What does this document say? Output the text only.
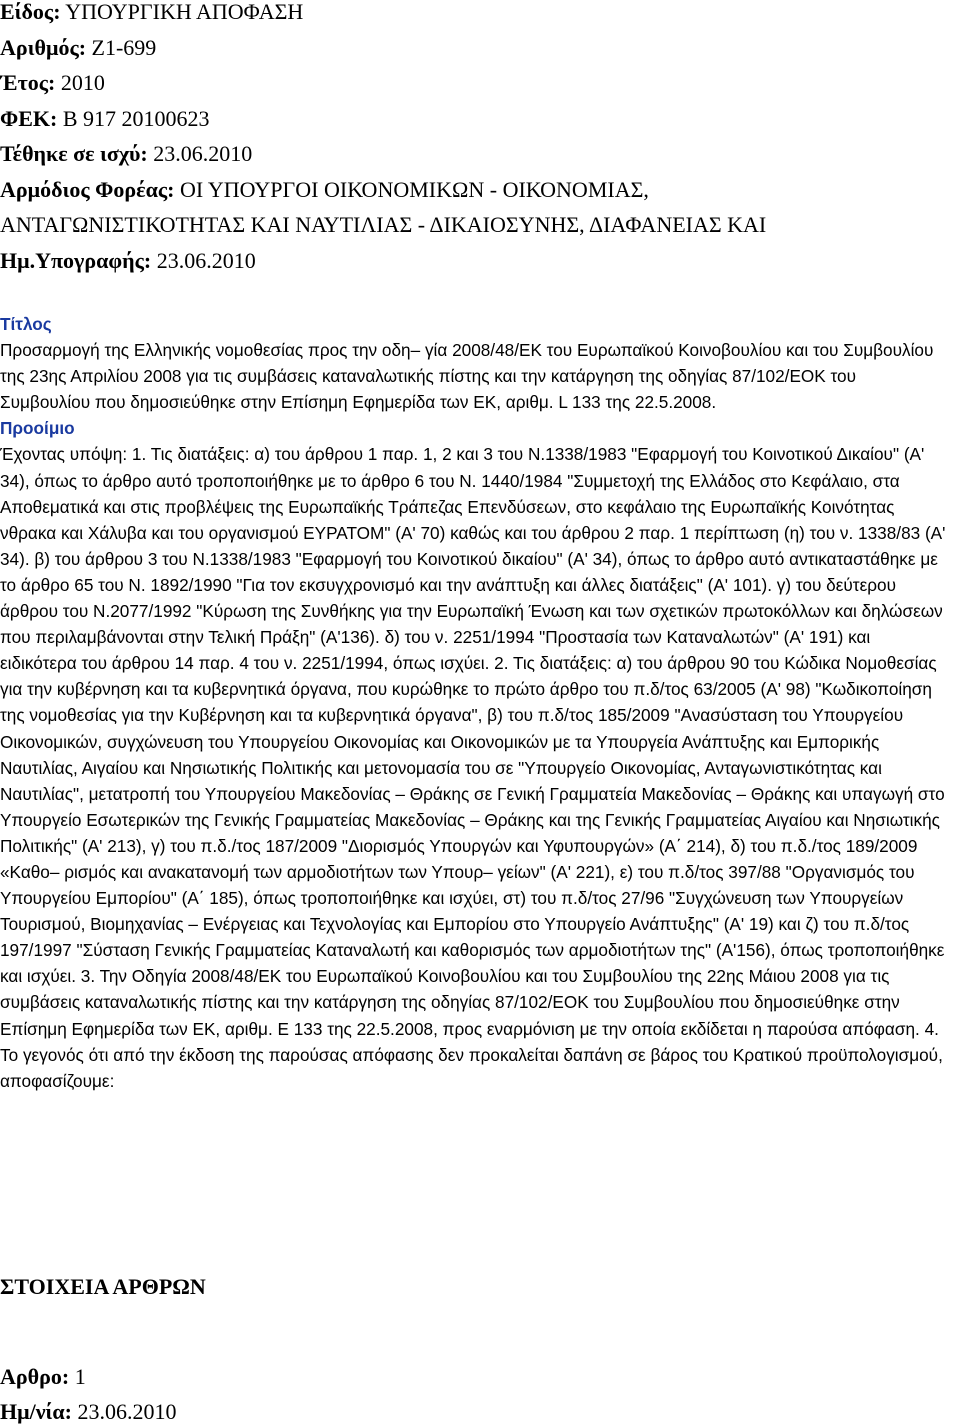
Είδος: ΥΠΟΥΡΓΙΚΗ ΑΠΟΦΑΣΗ
Αριθμός: Ζ1-699
Έτος: 2010
ΦΕΚ: Β 917 20100623
Τέθηκε σε ισχύ: 23.06.2010
Αρμόδιος Φορέας: ΟΙ ΥΠΟΥΡΓΟΙ ΟΙΚΟΝΟΜΙΚΩΝ - ΟΙΚΟΝΟΜΙΑΣ,
ΑΝΤΑΓΩΝΙΣΤΙΚΟΤΗΤΑΣ ΚΑΙ ΝΑΥΤΙΛΙΑΣ - ΔΙΚΑΙΟΣΥΝΗΣ, ΔΙΑΦΑΝΕΙΑΣ ΚΑΙ
Ημ.Υπογραφής: 23.06.2010
Τίτλος

Προσαρμογή της Ελληνικής νομοθεσίας προς την οδη‒ γία 2008/48/ΕΚ του Ευρωπαϊκού Κοινοβουλίου και του Συμβουλίου της 23ης Απριλίου 2008 για τις συμβάσεις καταναλωτικής πίστης και την κατάργηση της οδηγίας 87/102/ΕΟΚ του Συμβουλίου που δημοσιεύθηκε στην Επίσημη Εφημερίδα των ΕΚ, αριθμ. L 133 της 22.5.2008.

Προοίμιο

Έχοντας υπόψη: 1. Τις διατάξεις: α) του άρθρου 1 παρ. 1, 2 και 3 του Ν.1338/1983 "Εφαρμογή του Κοινοτικού Δικαίου" (Α' 34), όπως το άρθρο αυτό τροποποιήθηκε με το άρθρο 6 του Ν. 1440/1984 "Συμμετοχή της Ελλάδος στο Κεφάλαιο, στα Αποθεματικά και στις προβλέψεις της Ευρωπαϊκής Τράπεζας Επενδύσεων, στο κεφάλαιο της Ευρωπαϊκής Κοινότητας νθρακα και Χάλυβα και του οργανισμού ΕΥΡΑΤΟΜ" (Α' 70) καθώς και του άρθρου 2 παρ. 1 περίπτωση (η) του ν. 1338/83 (Α' 34). β) του άρθρου 3 του Ν.1338/1983 "Εφαρμογή του Κοινοτικού δικαίου" (Α' 34), όπως το άρθρο αυτό αντικαταστάθηκε με το άρθρο 65 του Ν. 1892/1990 "Για τον εκσυγχρονισμό και την ανάπτυξη και άλλες διατάξεις" (Α' 101). γ) του δεύτερου άρθρου του Ν.2077/1992 "Κύρωση της Συνθήκης για την Ευρωπαϊκή Ένωση και των σχετικών πρωτοκόλλων και δηλώσεων που περιλαμβάνονται στην Τελική Πράξη" (Α'136). δ) του ν. 2251/1994 "Προστασία των Καταναλωτών" (Α' 191) και ειδικότερα του άρθρου 14 παρ. 4 του ν. 2251/1994, όπως ισχύει. 2. Τις διατάξεις: α) του άρθρου 90 του Κώδικα Νομοθεσίας για την κυβέρνηση και τα κυβερνητικά όργανα, που κυρώθηκε το πρώτο άρθρο του π.δ/τος 63/2005 (Α' 98) "Κωδικοποίηση της νομοθεσίας για την Κυβέρνηση και τα κυβερνητικά όργανα", β) του π.δ/τος 185/2009 "Ανασύσταση του Υπουργείου Οικονομικών, συγχώνευση του Υπουργείου Οικονομίας και Οικονομικών με τα Υπουργεία Ανάπτυξης και Εμπορικής Ναυτιλίας, Αιγαίου και Νησιωτικής Πολιτικής και μετονομασία του σε "Υπουργείο Οικονομίας, Ανταγωνιστικότητας και Ναυτιλίας", μετατροπή του Υπουργείου Μακεδονίας ‒ Θράκης σε Γενική Γραμματεία Μακεδονίας ‒ Θράκης και υπαγωγή στο Υπουργείο Εσωτερικών της Γενικής Γραμματείας Μακεδονίας ‒ Θράκης και της Γενικής Γραμματείας Αιγαίου και Νησιωτικής Πολιτικής" (Α' 213), γ) του π.δ./τος 187/2009 "Διορισμός Υπουργών και Υφυπουργών» (Α΄ 214), δ) του π.δ./τος 189/2009 «Καθο‒ ρισμός και ανακατανομή των αρμοδιοτήτων των Υπουρ‒ γείων" (Α' 221), ε) του π.δ/τος 397/88 "Οργανισμός του Υπουργείου Εμπορίου" (Α΄ 185), όπως τροποποιήθηκε και ισχύει, στ) του π.δ/τος 27/96 "Συγχώνευση των Υπουργείων Τουρισμού, Βιομηχανίας ‒ Ενέργειας και Τεχνολογίας και Εμπορίου στο Υπουργείο Ανάπτυξης" (Α' 19) και ζ) του π.δ/τος 197/1997 "Σύσταση Γενικής Γραμματείας Καταναλωτή και καθορισμός των αρμοδιοτήτων της" (Α'156), όπως τροποποιήθηκε και ισχύει. 3. Την Οδηγία 2008/48/ΕΚ του Ευρωπαϊκού Κοινοβουλίου και του Συμβουλίου της 22ης Μάιου 2008 για τις συμβάσεις καταναλωτικής πίστης και την κατάργηση της οδηγίας 87/102/ΕΟΚ του Συμβουλίου που δημοσιεύθηκε στην Επίσημη Εφημερίδα των ΕΚ, αριθμ. Ε 133 της 22.5.2008, προς εναρμόνιση με την οποία εκδίδεται η παρούσα απόφαση. 4. Το γεγονός ότι από την έκδοση της παρούσας απόφασης δεν προκαλείται δαπάνη σε βάρος του Κρατικού προϋπολογισμού, αποφασίζουμε:

ΣΤΟΙΧΕΙΑ ΑΡΘΡΩΝ
Αρθρο: 1
Ημ/νία: 23.06.2010
